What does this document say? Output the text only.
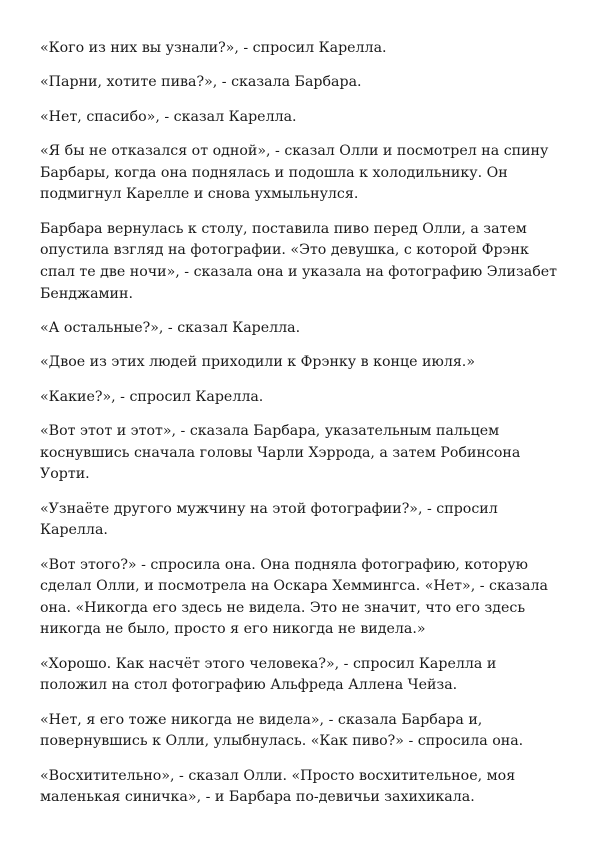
«Кого из них вы узнали?», - спросил Карелла.

«Парни, хотите пива?», - сказала Барбара.

«Нет, спасибо», - сказал Карелла.

«Я бы не отказался от одной», - сказал Олли и посмотрел на спину Барбары, когда она поднялась и подошла к холодильнику. Он подмигнул Карелле и снова ухмыльнулся.

Барбара вернулась к столу, поставила пиво перед Олли, а затем опустила взгляд на фотографии. «Это девушка, с которой Фрэнк спал те две ночи», - сказала она и указала на фотографию Элизабет Бенджамин.

«А остальные?», - сказал Карелла.

«Двое из этих людей приходили к Фрэнку в конце июля.»

«Какие?», - спросил Карелла.

«Вот этот и этот», - сказала Барбара, указательным пальцем коснувшись сначала головы Чарли Хэррода, а затем Робинсона Уорти.

«Узнаёте другого мужчину на этой фотографии?», - спросил Карелла.

«Вот этого?» - спросила она. Она подняла фотографию, которую сделал Олли, и посмотрела на Оскара Хеммингса. «Нет», - сказала она. «Никогда его здесь не видела. Это не значит, что его здесь никогда не было, просто я его никогда не видела.»

«Хорошо. Как насчёт этого человека?», - спросил Карелла и положил на стол фотографию Альфреда Аллена Чейза.

«Нет, я его тоже никогда не видела», - сказала Барбара и, повернувшись к Олли, улыбнулась. «Как пиво?» - спросила она.

«Восхитительно», - сказал Олли. «Просто восхитительное, моя маленькая синичка», - и Барбара по-девичьи захихикала.
